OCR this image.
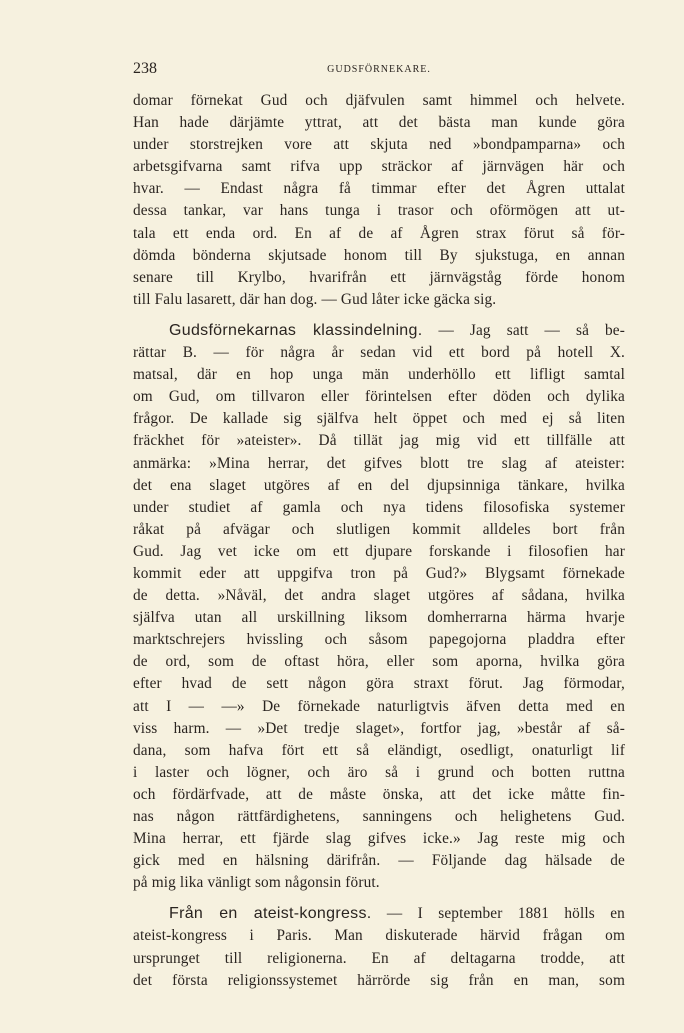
238	GUDSFÖRNEKARE.
domar förnekat Gud och djäfvulen samt himmel och helvete.
Han hade därjämte yttrat, att det bästa man kunde göra
under storstrejken vore att skjuta ned »bondpamparna» och
arbetsgifvarna samt rifva upp sträckor af järnvägen här och
hvar. — Endast några få timmar efter det Ågren uttalat
dessa tankar, var hans tunga i trasor och oförmögen att ut-
tala ett enda ord. En af de af Ågren strax förut så för-
dömda bönderna skjutsade honom till By sjukstuga, en annan
senare till Krylbo, hvarifrån ett järnvägståg förde honom
till Falu lasarett, där han dog. — Gud låter icke gäcka sig.
Gudsförnekarnas klassindelning. — Jag satt — så be-
rättar B. — för några år sedan vid ett bord på hotell X.
matsal, där en hop unga män underhöllo ett lifligt samtal
om Gud, om tillvaron eller förintelsen efter döden och dylika
frågor. De kallade sig själfva helt öppet och med ej så liten
fräckhet för »ateister». Då tillät jag mig vid ett tillfälle att
anmärka: »Mina herrar, det gifves blott tre slag af ateister:
det ena slaget utgöres af en del djupsinniga tänkare, hvilka
under studiet af gamla och nya tidens filosofiska systemer
råkat på afvägar och slutligen kommit alldeles bort från
Gud. Jag vet icke om ett djupare forskande i filosofien har
kommit eder att uppgifva tron på Gud?» Blygsamt förnekade
de detta. »Nåväl, det andra slaget utgöres af sådana, hvilka
själfva utan all urskillning liksom domherrarna härma hvarje
marktschrejers hvissling och såsom papegojorna pladdra efter
de ord, som de oftast höra, eller som aporna, hvilka göra
efter hvad de sett någon göra straxt förut. Jag förmodar,
att I — —» De förnekade naturligtvis äfven detta med en
viss harm. — »Det tredje slaget», fortfor jag, »består af så-
dana, som hafva fört ett så eländigt, osedligt, onaturligt lif
i laster och lögner, och äro så i grund och botten ruttna
och fördärfvade, att de måste önska, att det icke måtte fin-
nas någon rättfärdighetens, sanningens och helighetens Gud.
Mina herrar, ett fjärde slag gifves icke.» Jag reste mig och
gick med en hälsning därifrån. — Följande dag hälsade de
på mig lika vänligt som någonsin förut.
Från en ateist-kongress. — I september 1881 hölls en
ateist-kongress i Paris. Man diskuterade härvid frågan om
ursprunget till religionerna. En af deltagarna trodde, att
det första religionssystemet härrörde sig från en man, som
